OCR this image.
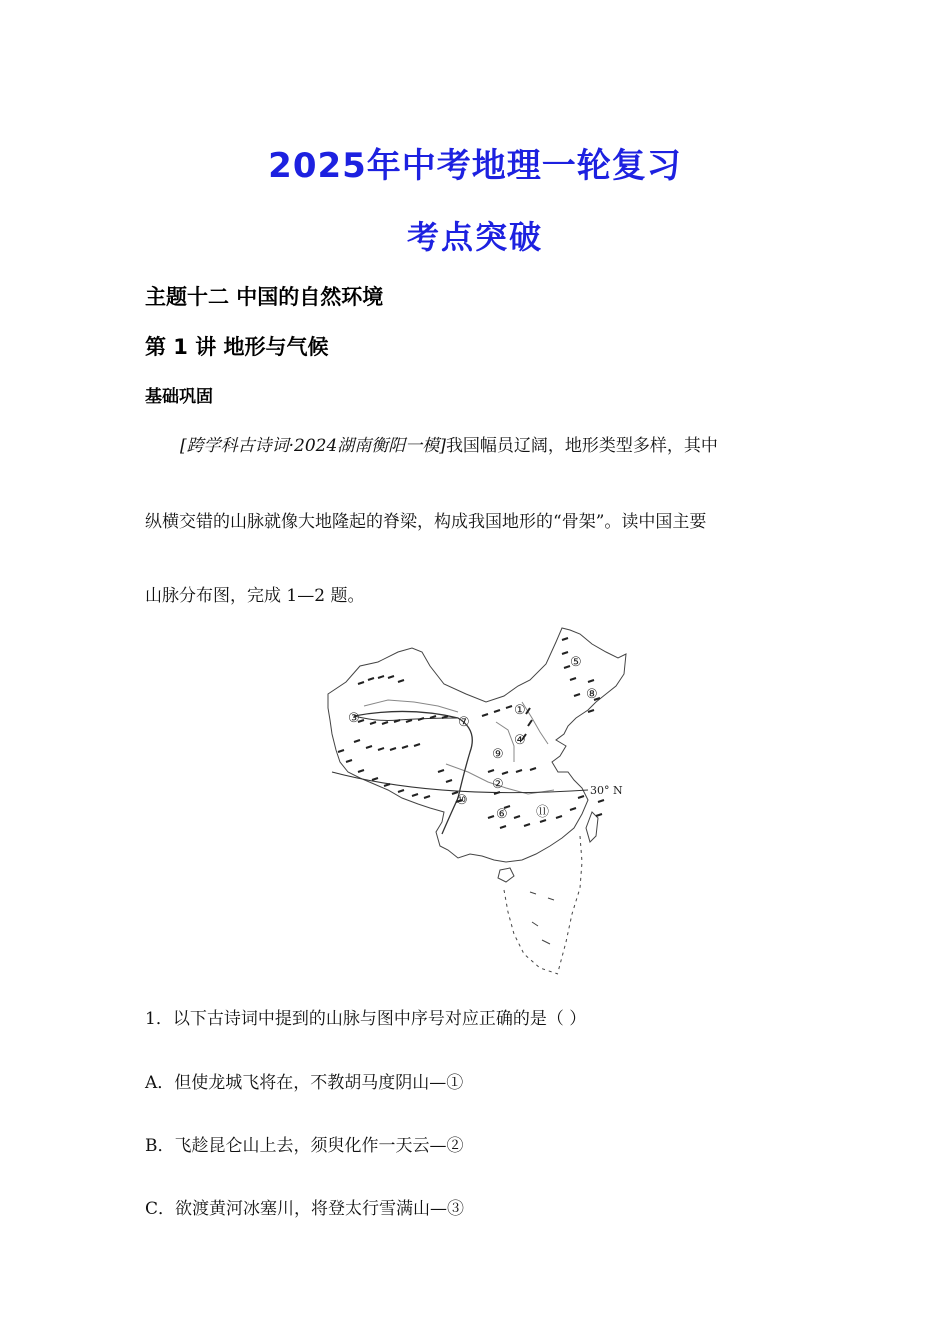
2025年中考地理一轮复习
考点突破
主题十二 中国的自然环境
第 1 讲 地形与气候
基础巩固
[跨学科古诗词·2024湖南衡阳一模]我国幅员辽阔，地形类型多样，其中
纵横交错的山脉就像大地隆起的脊梁，构成我国地形的“骨架”。读中国主要
山脉分布图，完成 1—2 题。
①
②
③
④
⑤
⑥
⑦
⑧
⑨
⑩
⑪
30° N
1．以下古诗词中提到的山脉与图中序号对应正确的是（ ）
A．但使龙城飞将在，不教胡马度阴山—①
B．飞趁昆仑山上去，须臾化作一天云—②
C．欲渡黄河冰塞川，将登太行雪满山—③
